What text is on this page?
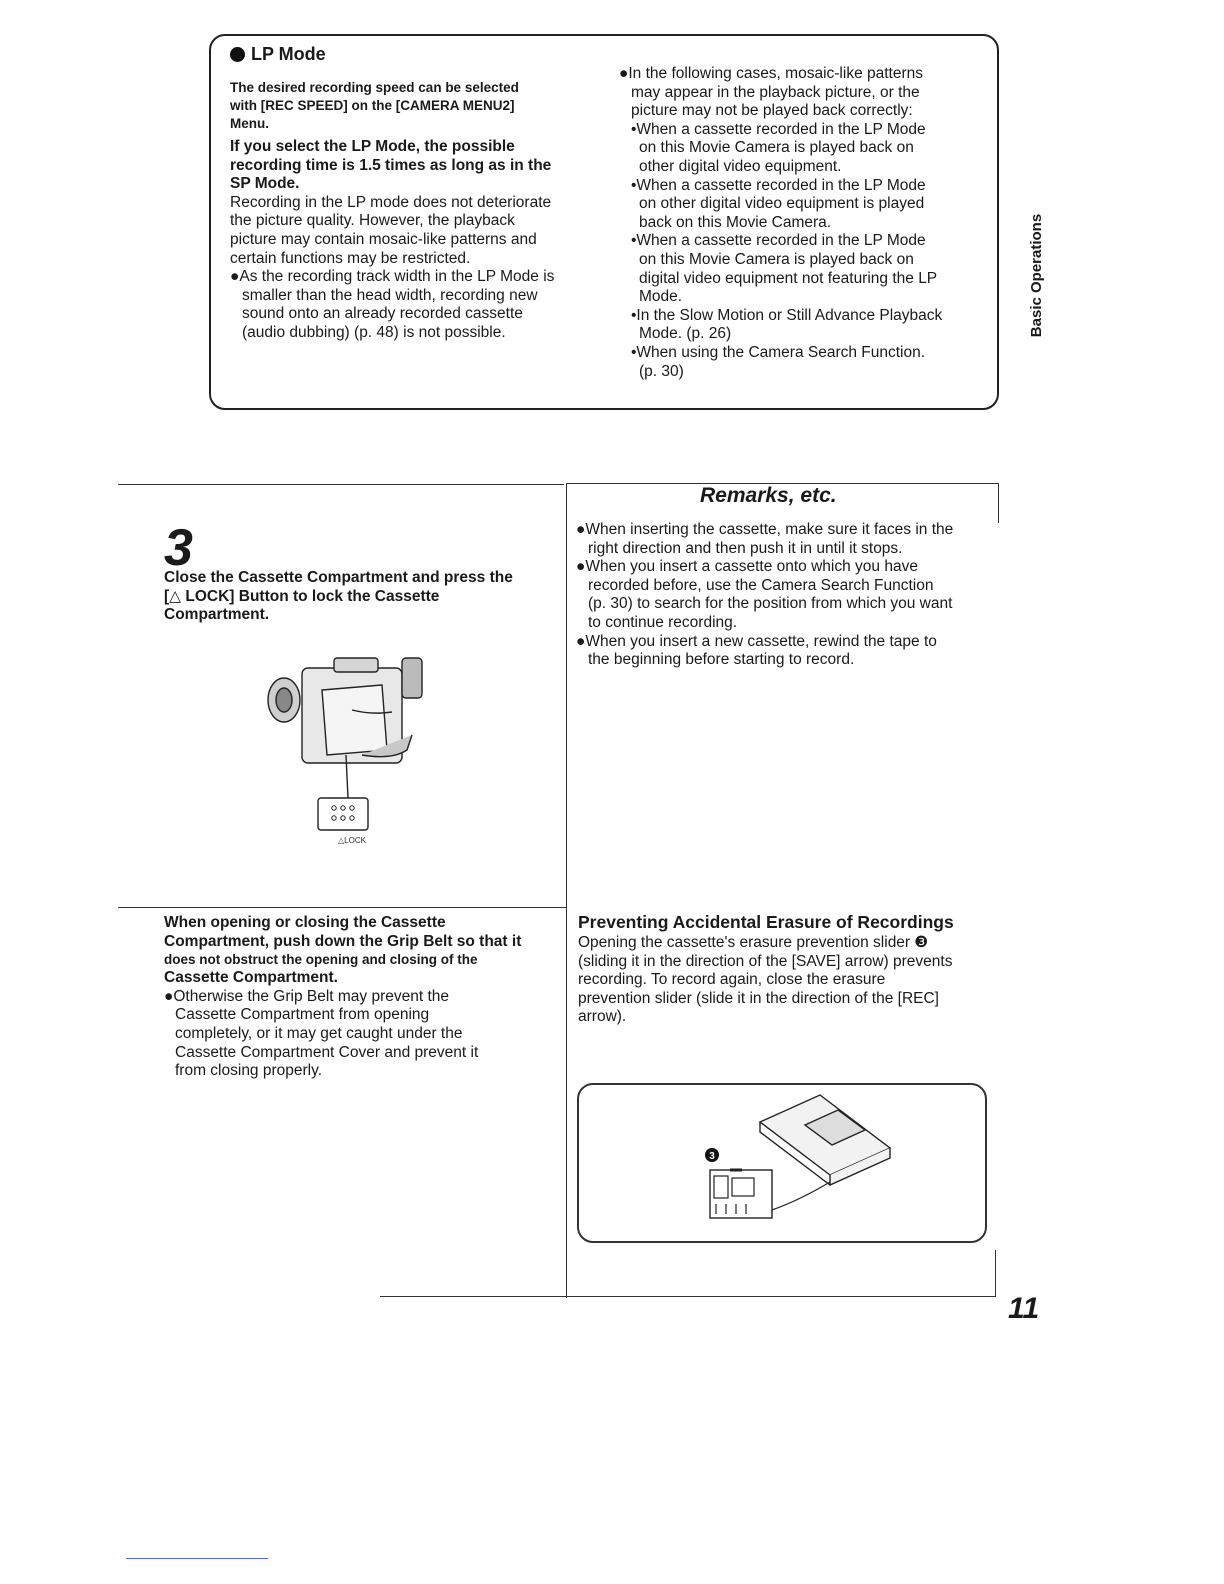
LP Mode
The desired recording speed can be selected
with [REC SPEED] on the [CAMERA MENU2]
Menu.
If you select the LP Mode, the possible
recording time is 1.5 times as long as in the
SP Mode.
Recording in the LP mode does not deteriorate
the picture quality. However, the playback
picture may contain mosaic-like patterns and
certain functions may be restricted.
●As the recording track width in the LP Mode is
smaller than the head width, recording new
sound onto an already recorded cassette
(audio dubbing) (p. 48) is not possible.
●In the following cases, mosaic-like patterns
may appear in the playback picture, or the
picture may not be played back correctly:
•When a cassette recorded in the LP Mode
on this Movie Camera is played back on
other digital video equipment.
•When a cassette recorded in the LP Mode
on other digital video equipment is played
back on this Movie Camera.
•When a cassette recorded in the LP Mode
on this Movie Camera is played back on
digital video equipment not featuring the LP
Mode.
•In the Slow Motion or Still Advance Playback
Mode. (p. 26)
•When using the Camera Search Function.
(p. 30)
Basic Operations
3
Close the Cassette Compartment and press the
[△ LOCK] Button to lock the Cassette
Compartment.
△LOCK
When opening or closing the Cassette
Compartment, push down the Grip Belt so that it
does not obstruct the opening and closing of the
Cassette Compartment.
●Otherwise the Grip Belt may prevent the
Cassette Compartment from opening
completely, or it may get caught under the
Cassette Compartment Cover and prevent it
from closing properly.
Remarks, etc.
●When inserting the cassette, make sure it faces in the
right direction and then push it in until it stops.
●When you insert a cassette onto which you have
recorded before, use the Camera Search Function
(p. 30) to search for the position from which you want
to continue recording.
●When you insert a new cassette, rewind the tape to
the beginning before starting to record.
Preventing Accidental Erasure of Recordings
Opening the cassette's erasure prevention slider ❸
(sliding it in the direction of the [SAVE] arrow) prevents
recording. To record again, close the erasure
prevention slider (slide it in the direction of the [REC]
arrow).
3
11
